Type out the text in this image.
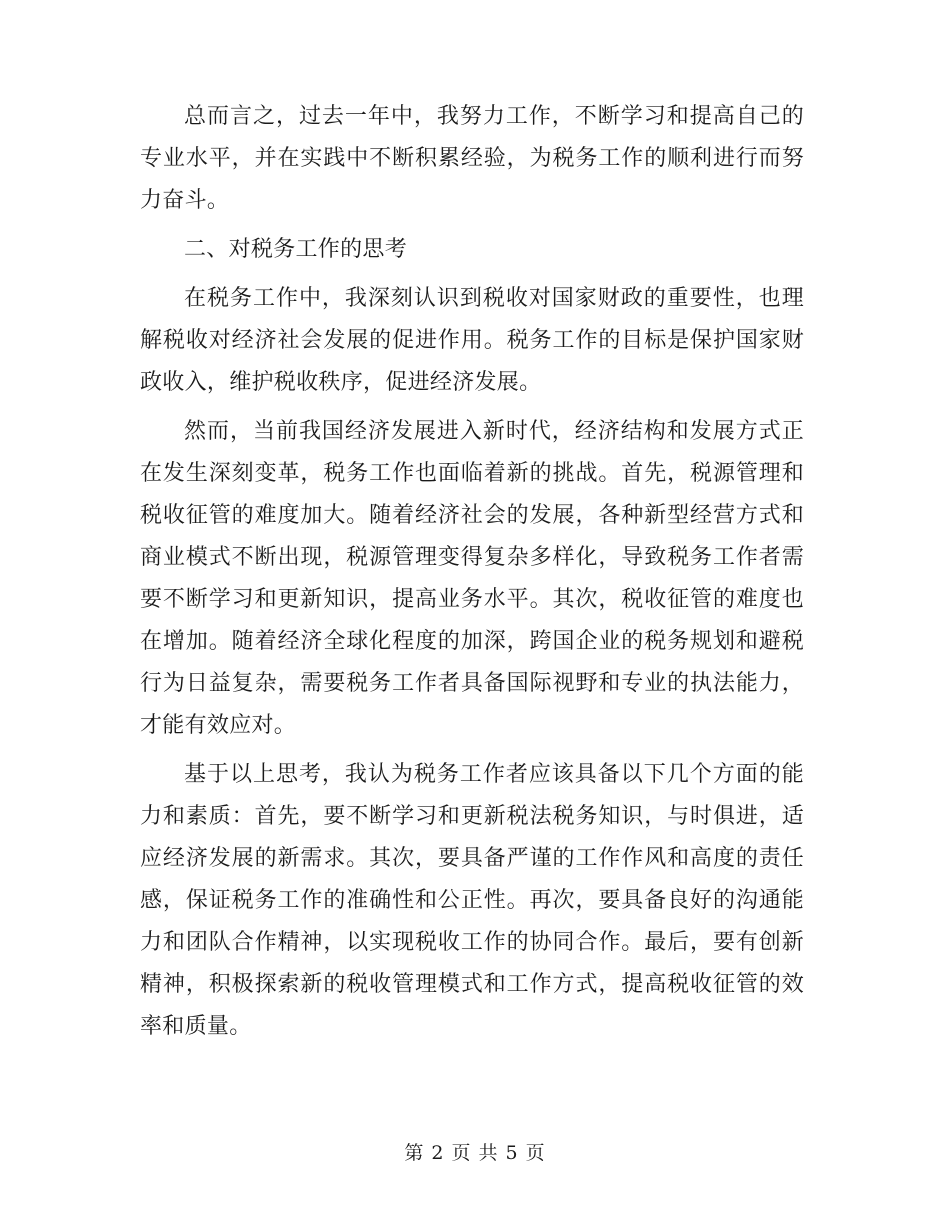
总而言之，过去一年中，我努力工作，不断学习和提高自己的专业水平，并在实践中不断积累经验，为税务工作的顺利进行而努力奋斗。

二、对税务工作的思考

在税务工作中，我深刻认识到税收对国家财政的重要性，也理解税收对经济社会发展的促进作用。税务工作的目标是保护国家财政收入，维护税收秩序，促进经济发展。

然而，当前我国经济发展进入新时代，经济结构和发展方式正在发生深刻变革，税务工作也面临着新的挑战。首先，税源管理和税收征管的难度加大。随着经济社会的发展，各种新型经营方式和商业模式不断出现，税源管理变得复杂多样化，导致税务工作者需要不断学习和更新知识，提高业务水平。其次，税收征管的难度也在增加。随着经济全球化程度的加深，跨国企业的税务规划和避税行为日益复杂，需要税务工作者具备国际视野和专业的执法能力，才能有效应对。

基于以上思考，我认为税务工作者应该具备以下几个方面的能力和素质：首先，要不断学习和更新税法税务知识，与时俱进，适应经济发展的新需求。其次，要具备严谨的工作作风和高度的责任感，保证税务工作的准确性和公正性。再次，要具备良好的沟通能力和团队合作精神，以实现税收工作的协同合作。最后，要有创新精神，积极探索新的税收管理模式和工作方式，提高税收征管的效率和质量。

第 2 页 共 5 页
